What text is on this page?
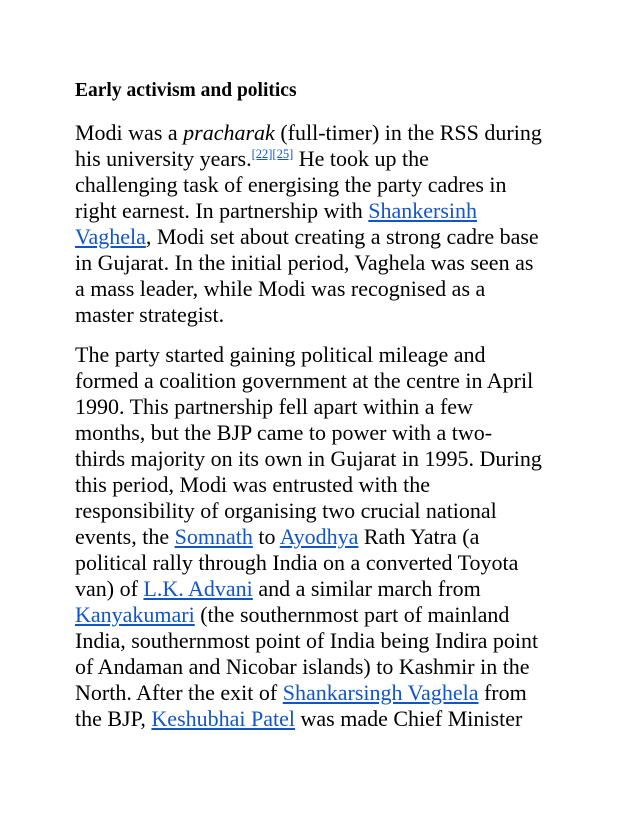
Early activism and politics

Modi was a pracharak (full-timer) in the RSS during

his university years.[22][25] He took up the

challenging task of energising the party cadres in

right earnest. In partnership with Shankersinh

Vaghela, Modi set about creating a strong cadre base

in Gujarat. In the initial period, Vaghela was seen as

a mass leader, while Modi was recognised as a

master strategist.

The party started gaining political mileage and

formed a coalition government at the centre in April

1990. This partnership fell apart within a few

months, but the BJP came to power with a two-

thirds majority on its own in Gujarat in 1995. During

this period, Modi was entrusted with the

responsibility of organising two crucial national

events, the Somnath to Ayodhya Rath Yatra (a

political rally through India on a converted Toyota

van) of L.K. Advani and a similar march from

Kanyakumari (the southernmost part of mainland

India, southernmost point of India being Indira point

of Andaman and Nicobar islands) to Kashmir in the

North. After the exit of Shankarsingh Vaghela from

the BJP, Keshubhai Patel was made Chief Minister
